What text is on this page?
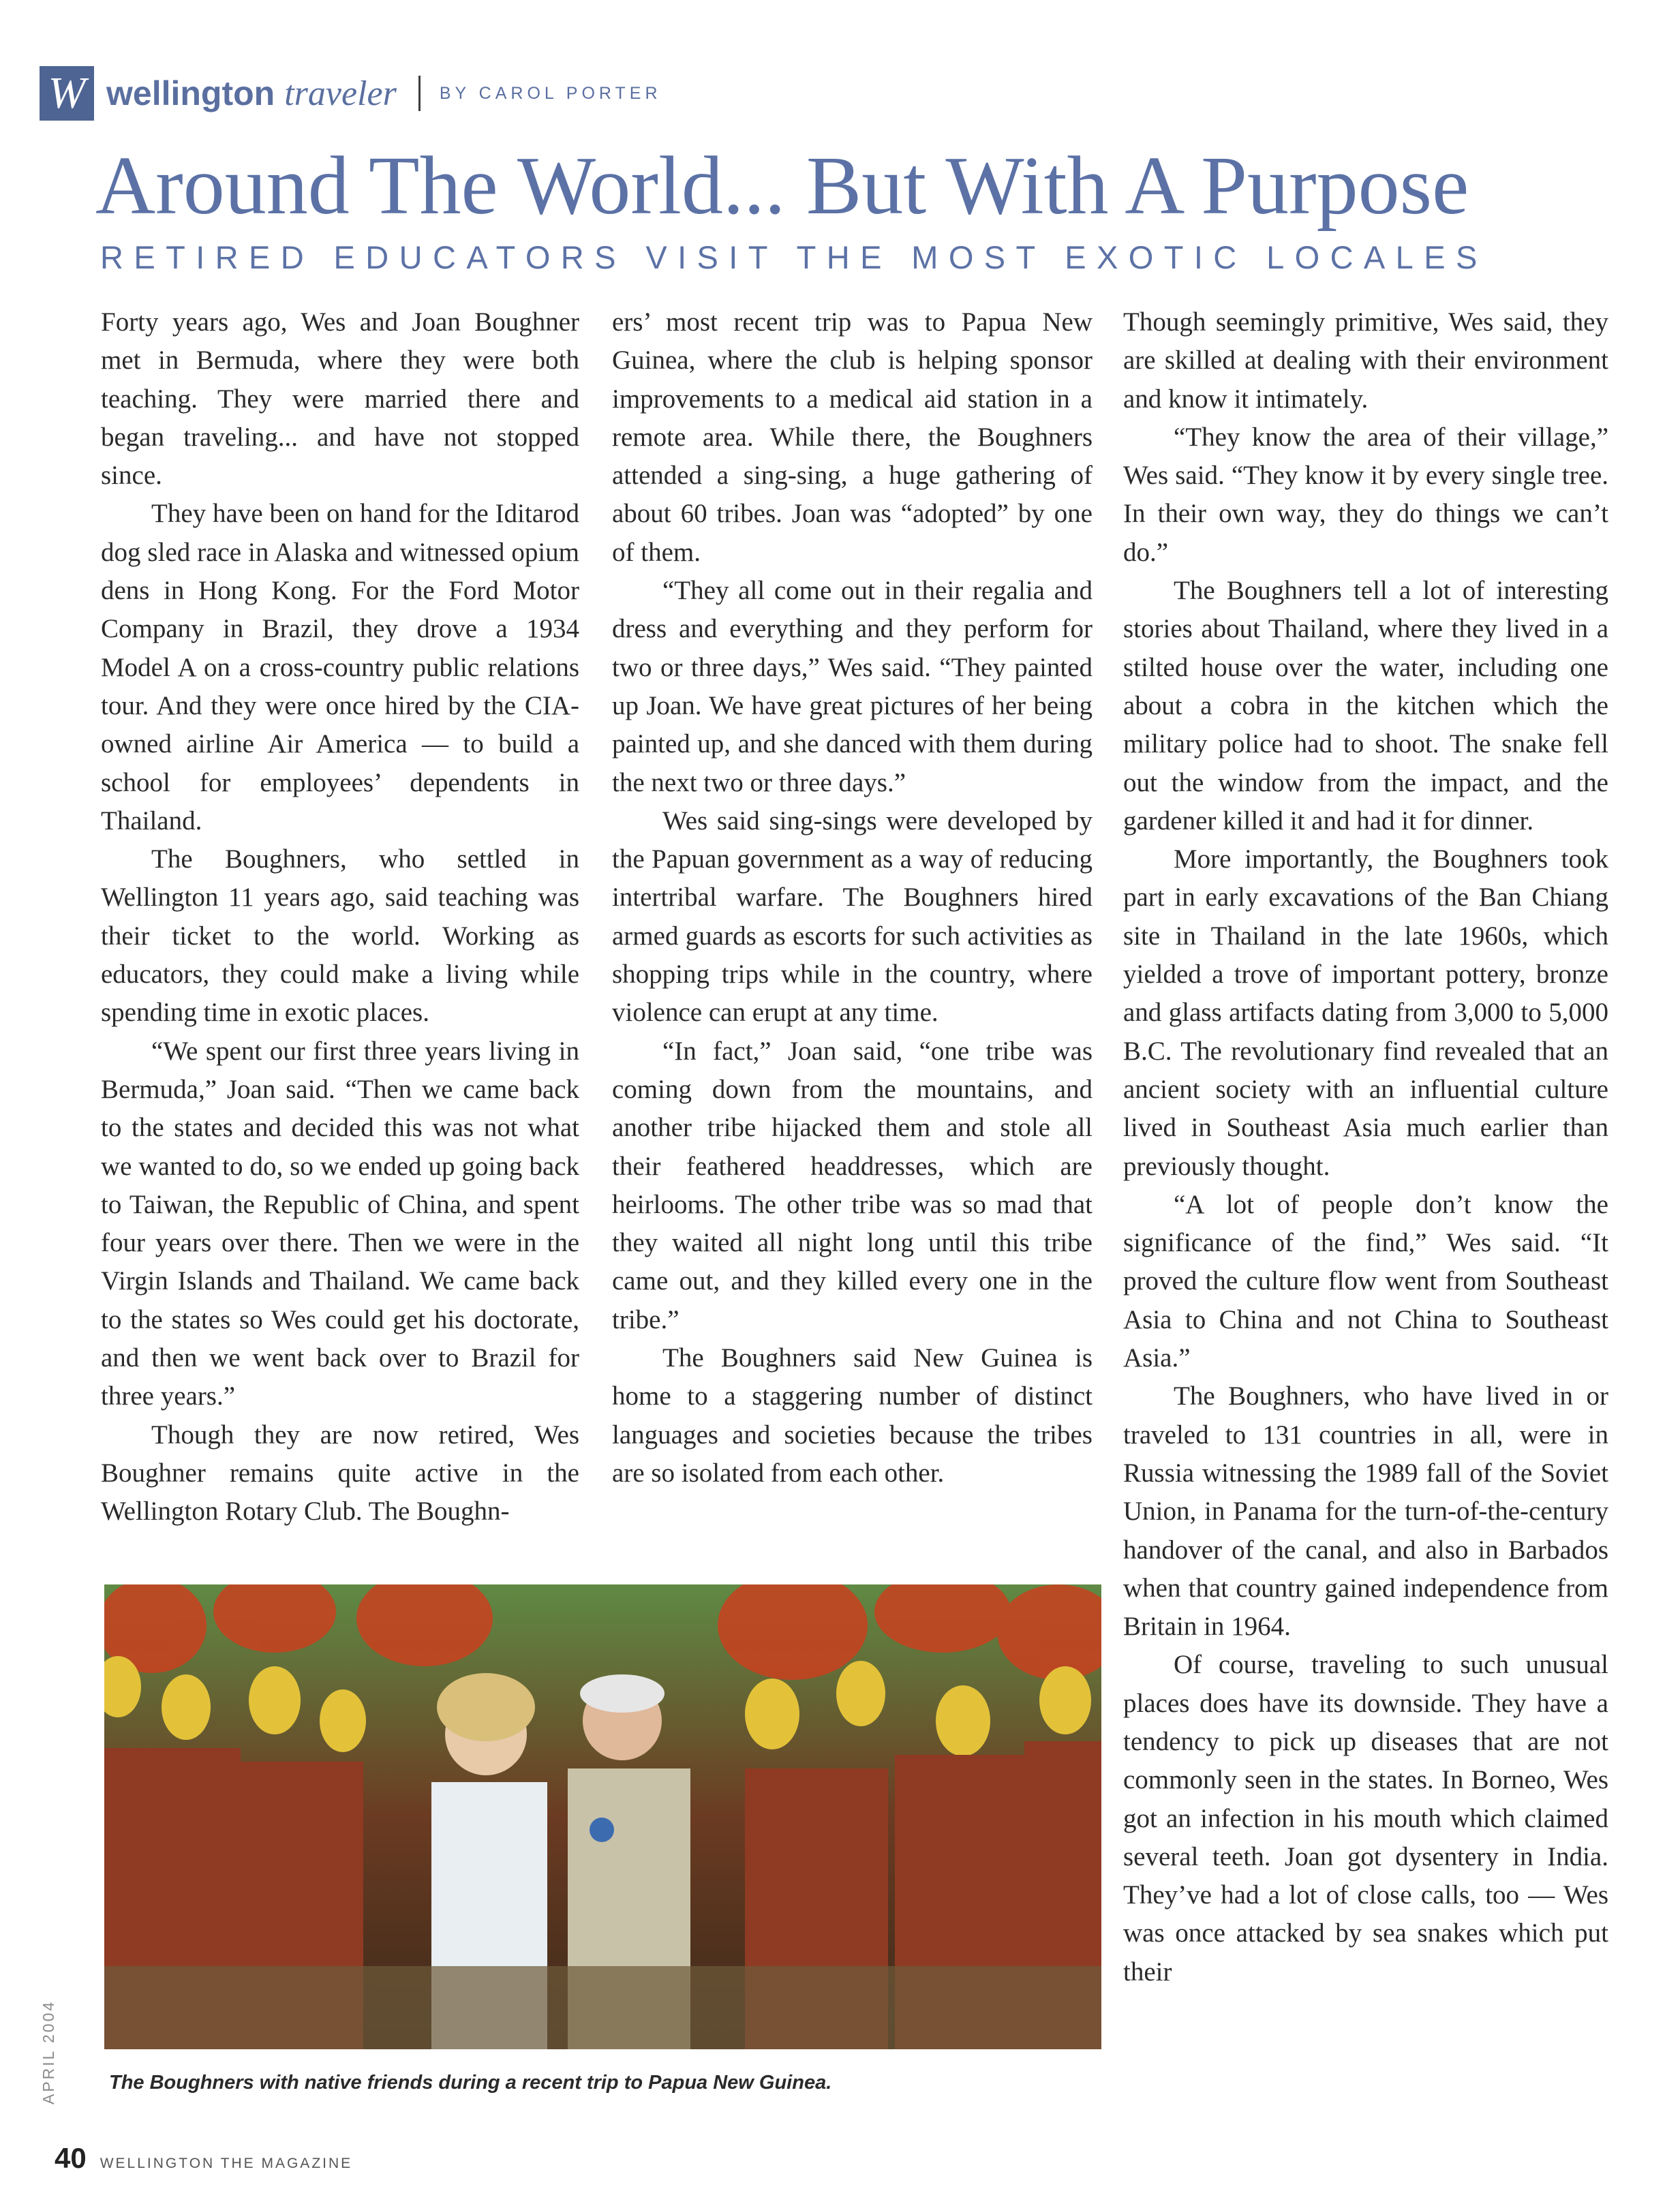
W wellington traveler	BY CAROL PORTER
Around The World... But With A Purpose
RETIRED EDUCATORS VISIT THE MOST EXOTIC LOCALES

Forty years ago, Wes and Joan Boughner met in Bermuda, where they were both teaching. They were married there and began traveling... and have not stopped since.

They have been on hand for the Iditarod dog sled race in Alaska and witnessed opium dens in Hong Kong. For the Ford Motor Company in Brazil, they drove a 1934 Model A on a cross-country public relations tour. And they were once hired by the CIA-owned airline Air America — to build a school for employees’ dependents in Thailand.

The Boughners, who settled in Wellington 11 years ago, said teaching was their ticket to the world. Working as educators, they could make a living while spending time in exotic places.

“We spent our first three years living in Bermuda,” Joan said. “Then we came back to the states and decided this was not what we wanted to do, so we ended up going back to Taiwan, the Republic of China, and spent four years over there. Then we were in the Virgin Islands and Thailand. We came back to the states so Wes could get his doctorate, and then we went back over to Brazil for three years.”

Though they are now retired, Wes Boughner remains quite active in the Wellington Rotary Club. The Boughn-

ers’ most recent trip was to Papua New Guinea, where the club is helping sponsor improvements to a medical aid station in a remote area. While there, the Boughners attended a sing-sing, a huge gathering of about 60 tribes. Joan was “adopted” by one of them.

“They all come out in their regalia and dress and everything and they perform for two or three days,” Wes said. “They painted up Joan. We have great pictures of her being painted up, and she danced with them during the next two or three days.”

Wes said sing-sings were developed by the Papuan government as a way of reducing intertribal warfare. The Boughners hired armed guards as escorts for such activities as shopping trips while in the country, where violence can erupt at any time.

“In fact,” Joan said, “one tribe was coming down from the mountains, and another tribe hijacked them and stole all their feathered headdresses, which are heirlooms. The other tribe was so mad that they waited all night long until this tribe came out, and they killed every one in the tribe.”

The Boughners said New Guinea is home to a staggering number of distinct languages and societies because the tribes are so isolated from each other.

Though seemingly primitive, Wes said, they are skilled at dealing with their environment and know it intimately.

“They know the area of their village,” Wes said. “They know it by every single tree. In their own way, they do things we can’t do.”

The Boughners tell a lot of interesting stories about Thailand, where they lived in a stilted house over the water, including one about a cobra in the kitchen which the military police had to shoot. The snake fell out the window from the impact, and the gardener killed it and had it for dinner.

More importantly, the Boughners took part in early excavations of the Ban Chiang site in Thailand in the late 1960s, which yielded a trove of important pottery, bronze and glass artifacts dating from 3,000 to 5,000 B.C. The revolutionary find revealed that an ancient society with an influential culture lived in Southeast Asia much earlier than previously thought.

“A lot of people don’t know the significance of the find,” Wes said. “It proved the culture flow went from Southeast Asia to China and not China to Southeast Asia.”

The Boughners, who have lived in or traveled to 131 countries in all, were in Russia witnessing the 1989 fall of the Soviet Union, in Panama for the turn-of-the-century handover of the canal, and also in Barbados when that country gained independence from Britain in 1964.

Of course, traveling to such unusual places does have its downside. They have a tendency to pick up diseases that are not commonly seen in the states. In Borneo, Wes got an infection in his mouth which claimed several teeth. Joan got dysentery in India. They’ve had a lot of close calls, too — Wes was once attacked by sea snakes which put their

The Boughners with native friends during a recent trip to Papua New Guinea.
APRIL 2004
40 WELLINGTON THE MAGAZINE
